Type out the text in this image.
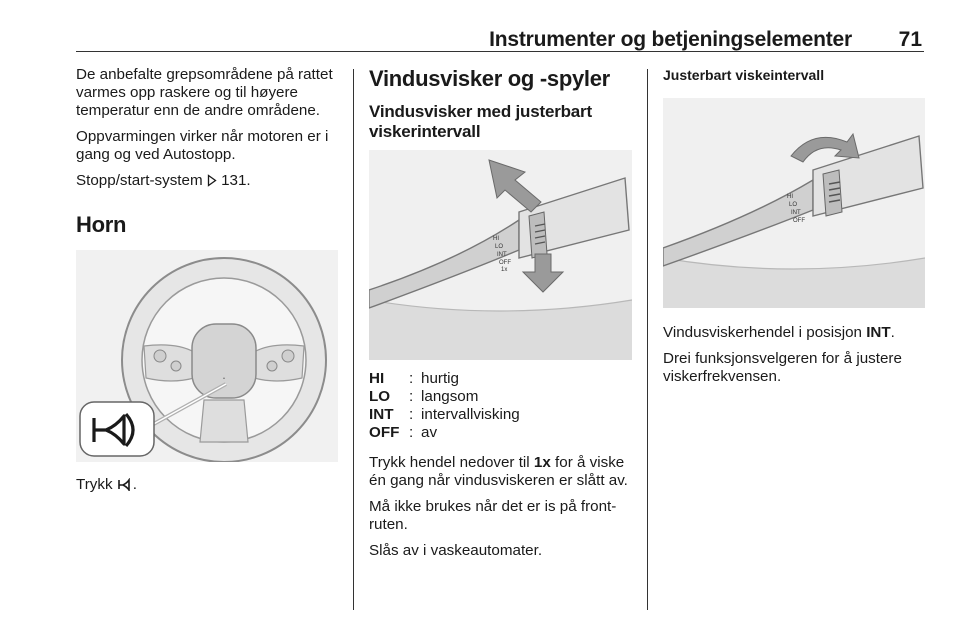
Instrumenter og betjeningselementer 71

De anbefalte grepsområdene på rattet varmes opp raskere og til høyere temperatur enn de andre områdene.

Oppvarmingen virker når motoren er i gang og ved Autostopp.

Stopp/start-system 131.

Horn
•

Trykk .

Vindusvisker og -spyler
Vindusvisker med justerbart viskerintervall
HI
LO
INT
OFF
1x
HI	: hurtig
LO	: langsom
INT	: intervallvisking
OFF : av

Trykk hendel nedover til 1x for å viske én gang når vindusviskeren er slått av.

Må ikke brukes når det er is på front-ruten.

Slås av i vaskeautomater.

Justerbart viskeintervall
HI
LO
INT
OFF

Vindusviskerhendel i posisjon INT.

Drei funksjonsvelgeren for å justere viskerfrekvensen.
